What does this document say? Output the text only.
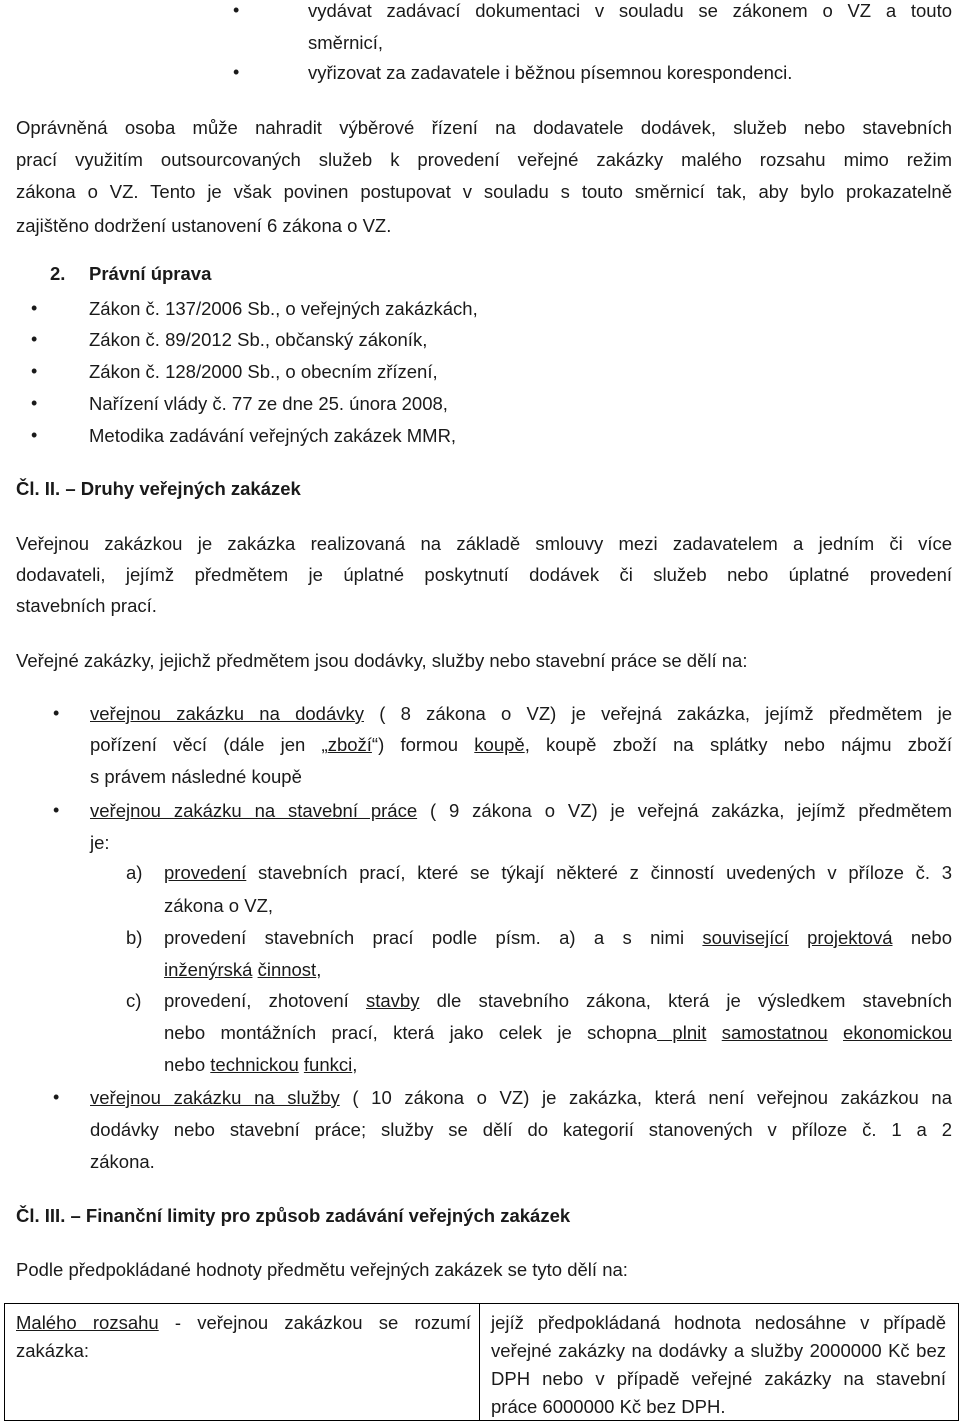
•	vydávat zadávací dokumentaci v souladu se zákonem o VZ a touto
směrnicí,
•	vyřizovat za zadavatele i běžnou písemnou korespondenci.
Oprávněná osoba může nahradit výběrové řízení na dodavatele dodávek, služeb nebo stavebních
prací využitím outsourcovaných služeb k provedení veřejné zakázky malého rozsahu mimo režim
zákona o VZ. Tento je však povinen postupovat v souladu s touto směrnicí tak, aby bylo prokazatelně
zajištěno dodržení ustanovení 6 zákona o VZ.
2. Právní úprava
•	Zákon č. 137/2006 Sb., o veřejných zakázkách,
•	Zákon č. 89/2012 Sb., občanský zákoník,
•	Zákon č. 128/2000 Sb., o obecním zřízení,
•	Nařízení vlády č. 77 ze dne 25. února 2008,
•	Metodika zadávání veřejných zakázek MMR,
Čl. II. – Druhy veřejných zakázek
Veřejnou zakázkou je zakázka realizovaná na základě smlouvy mezi zadavatelem a jedním či více
dodavateli, jejímž předmětem je úplatné poskytnutí dodávek či služeb nebo úplatné provedení
stavebních prací.
Veřejné zakázky, jejichž předmětem jsou dodávky, služby nebo stavební práce se dělí na:
• veřejnou zakázku na dodávky ( 8 zákona o VZ) je veřejná zakázka, jejímž předmětem je
pořízení věcí (dále jen „zboží“) formou koupě, koupě zboží na splátky nebo nájmu zboží
s právem následné koupě
• veřejnou zakázku na stavební práce ( 9 zákona o VZ) je veřejná zakázka, jejímž předmětem
je:
a) provedení stavebních prací, které se týkají některé z činností uvedených v příloze č. 3
zákona o VZ,
b) provedení stavebních prací podle písm. a) a s nimi související projektová nebo
inženýrská činnost,
c) provedení, zhotovení stavby dle stavebního zákona, která je výsledkem stavebních
nebo montážních prací, která jako celek je schopna plnit samostatnou ekonomickou
nebo technickou funkci,
• veřejnou zakázku na služby ( 10 zákona o VZ) je zakázka, která není veřejnou zakázkou na
dodávky nebo stavební práce; služby se dělí do kategorií stanovených v příloze č. 1 a 2
zákona.
Čl. III. – Finanční limity pro způsob zadávání veřejných zakázek
Podle předpokládané hodnoty předmětu veřejných zakázek se tyto dělí na:
Malého rozsahu - veřejnou zakázkou se rozumí zakázka:
jejíž předpokládaná hodnota nedosáhne v případě veřejné zakázky na dodávky a služby 2000000 Kč bez DPH nebo v případě veřejné zakázky na stavební práce 6000000 Kč bez DPH.
